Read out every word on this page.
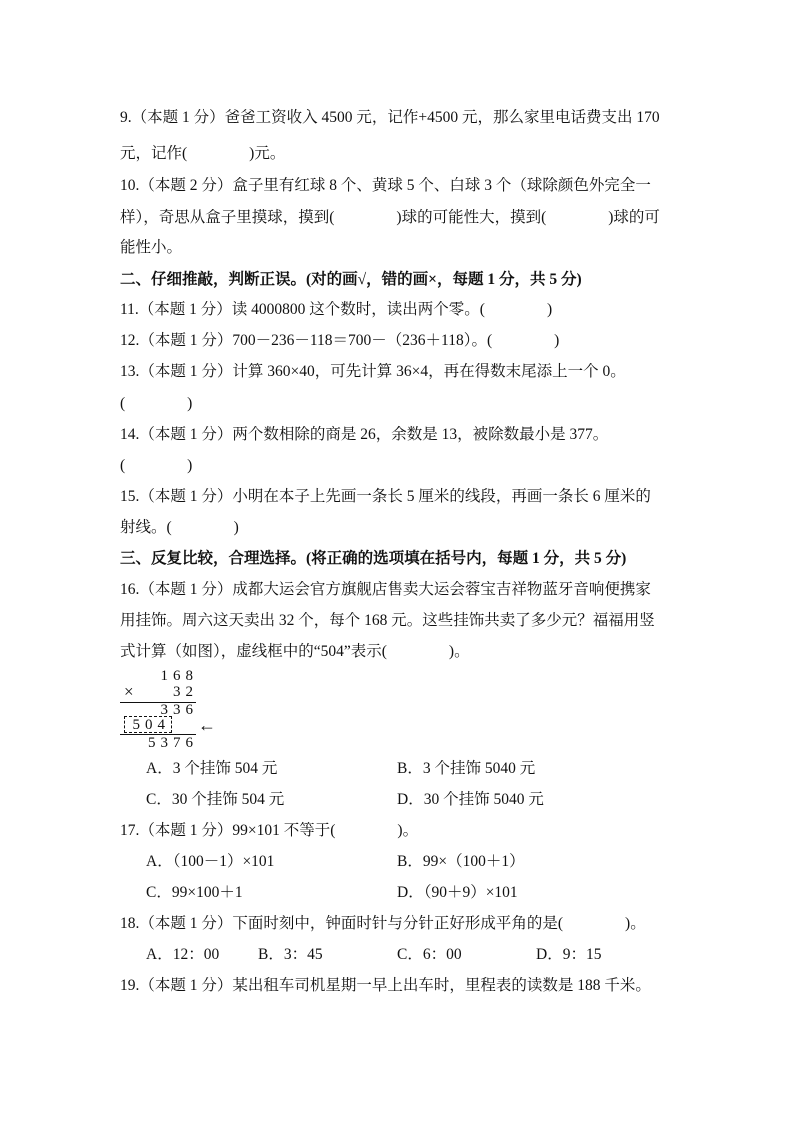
9.（本题 1 分）爸爸工资收入 4500 元，记作+4500 元，那么家里电话费支出 170
元，记作(　　　　)元。
10.（本题 2 分）盒子里有红球 8 个、黄球 5 个、白球 3 个（球除颜色外完全一
样），奇思从盒子里摸球，摸到(　　　　)球的可能性大，摸到(　　　　)球的可
能性小。
二、仔细推敲，判断正误。(对的画√，错的画×，每题 1 分，共 5 分)
11.（本题 1 分）读 4000800 这个数时，读出两个零。(　　　　)
12.（本题 1 分）700－236－118＝700－（236＋118）。(　　　　)
13.（本题 1 分）计算 360×40，可先计算 36×4，再在得数末尾添上一个 0。
(　　　　)
14.（本题 1 分）两个数相除的商是 26，余数是 13，被除数最小是 377。
(　　　　)
15.（本题 1 分）小明在本子上先画一条长 5 厘米的线段，再画一条长 6 厘米的
射线。(　　　　)
三、反复比较，合理选择。(将正确的选项填在括号内，每题 1 分，共 5 分)
16.（本题 1 分）成都大运会官方旗舰店售卖大运会蓉宝吉祥物蓝牙音响便携家
用挂饰。周六这天卖出 32 个，每个 168 元。这些挂饰共卖了多少元？福福用竖
式计算（如图），虚线框中的“504”表示(　　　　)。
168
×	32
336
504 ←
5376
A．3 个挂饰 504 元	B．3 个挂饰 5040 元
C．30 个挂饰 504 元	D．30 个挂饰 5040 元
17.（本题 1 分）99×101 不等于(　　　　)。
A．（100－1）×101	B．99×（100＋1）
C．99×100＋1	D．（90＋9）×101
18.（本题 1 分）下面时刻中，钟面时针与分针正好形成平角的是(　　　　)。
A．12：00	B．3：45	C．6：00	D．9：15
19.（本题 1 分）某出租车司机星期一早上出车时，里程表的读数是 188 千米。
